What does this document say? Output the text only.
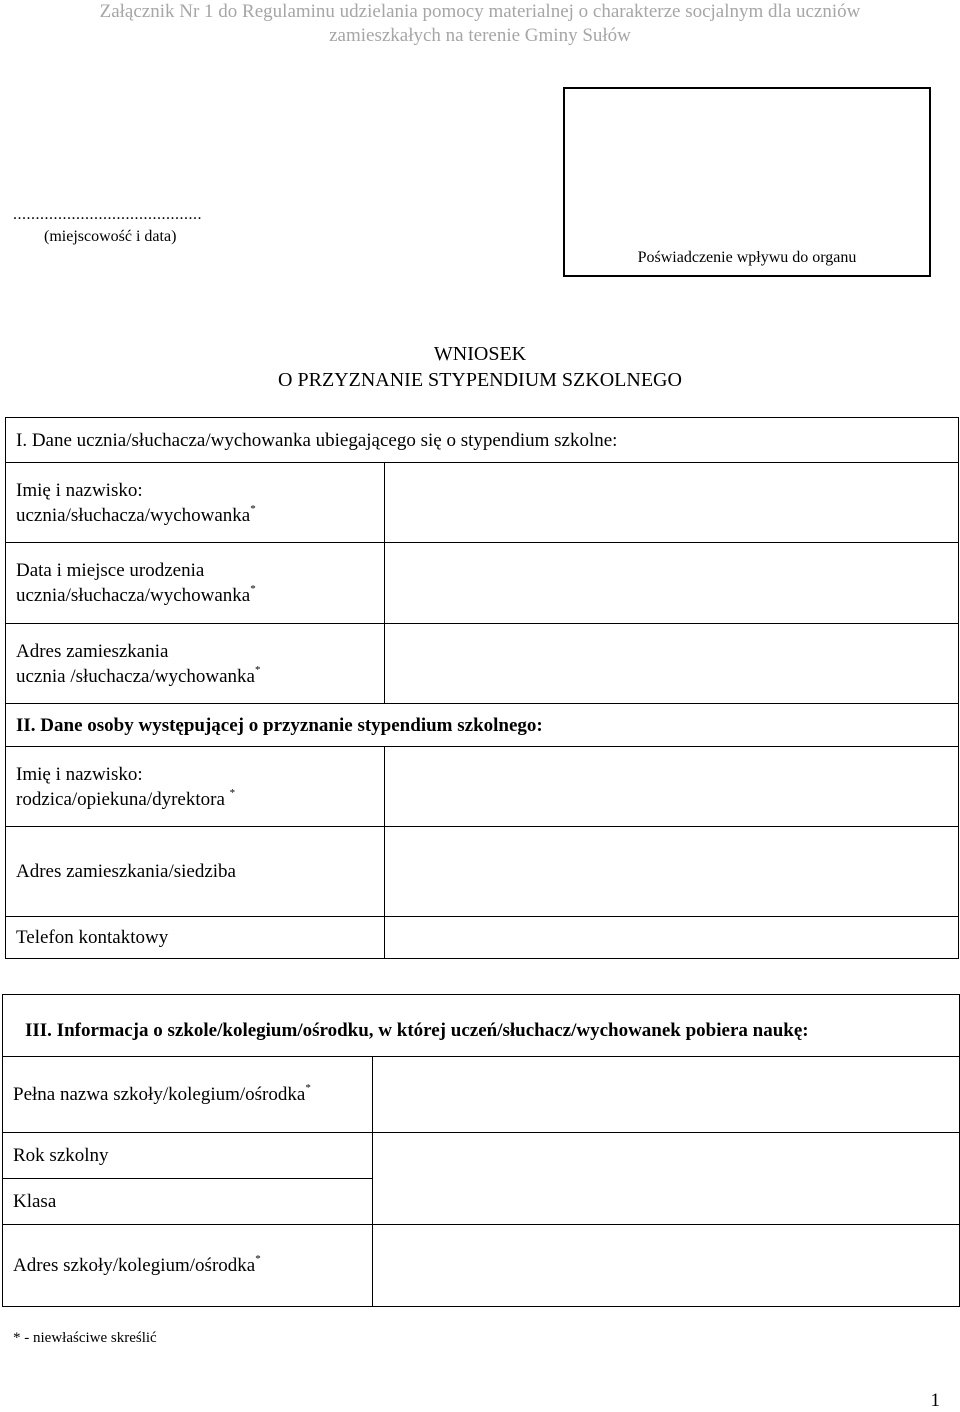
Załącznik Nr 1 do Regulaminu udzielania pomocy materialnej o charakterze socjalnym dla uczniów
zamieszkałych na terenie Gminy Sułów
..........................................
(miejscowość i data)
Poświadczenie wpływu do organu
WNIOSEK
O PRZYZNANIE STYPENDIUM SZKOLNEGO
I. Dane ucznia/słuchacza/wychowanka ubiegającego się o stypendium szkolne:	

Imię i nazwisko:
ucznia/słuchacza/wychowanka*

Data i miejsce urodzenia
ucznia/słuchacza/wychowanka*

Adres zamieszkania
ucznia /słuchacza/wychowanka*

II. Dane osoby występującej o przyznanie stypendium szkolnego:	

Imię i nazwisko:
rodzica/opiekuna/dyrektora *

Adres zamieszkania/siedziba	
Telefon kontaktowy	
III. Informacja o szkole/kolegium/ośrodku, w której uczeń/słuchacz/wychowanek pobiera naukę:	
Pełna nazwa szkoły/kolegium/ośrodka*	
Rok szkolny	
Klasa	
Adres szkoły/kolegium/ośrodka*	
* - niewłaściwe skreślić
1
